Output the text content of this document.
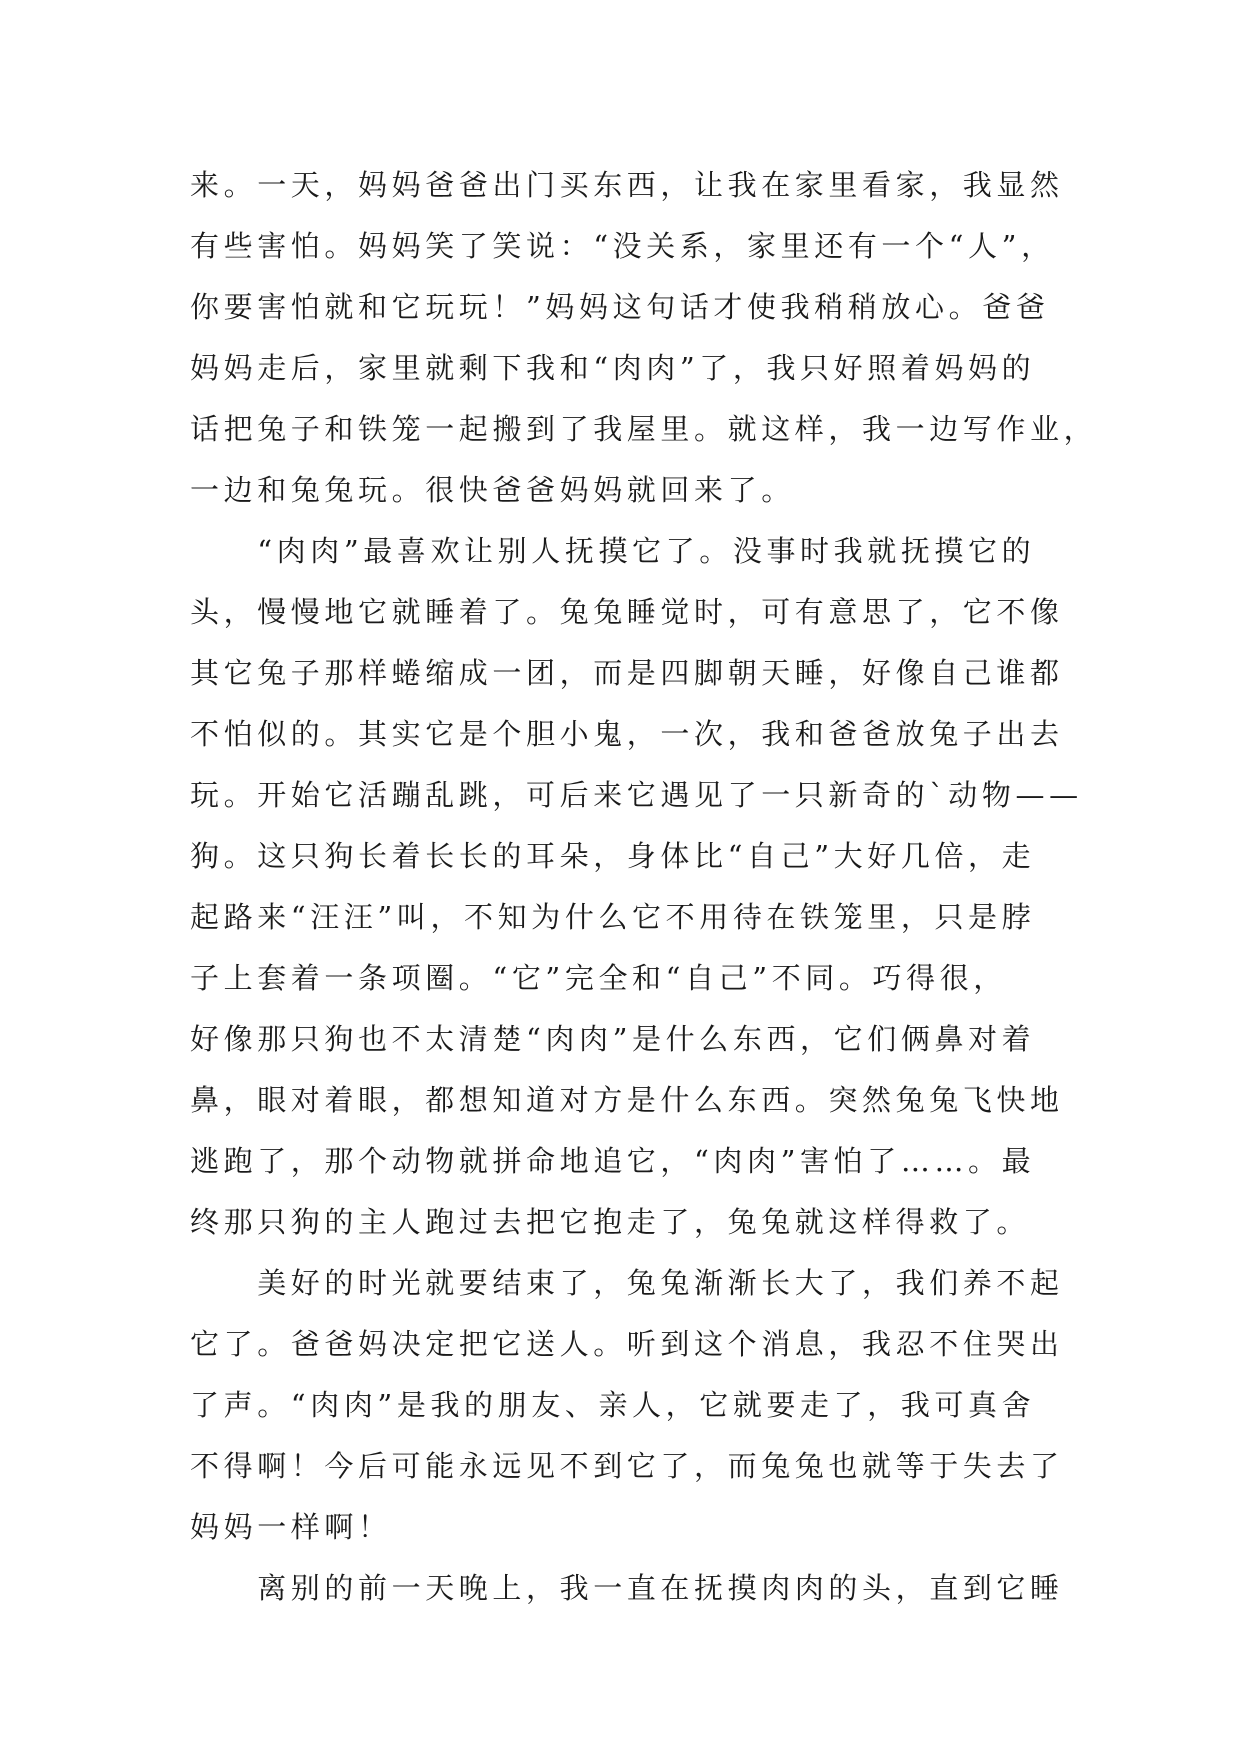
来。一天，妈妈爸爸出门买东西，让我在家里看家，我显然
有些害怕。妈妈笑了笑说：“没关系，家里还有一个“人”，
你要害怕就和它玩玩！”妈妈这句话才使我稍稍放心。爸爸
妈妈走后，家里就剩下我和“肉肉”了，我只好照着妈妈的
话把兔子和铁笼一起搬到了我屋里。就这样，我一边写作业，
一边和兔兔玩。很快爸爸妈妈就回来了。
　　“肉肉”最喜欢让别人抚摸它了。没事时我就抚摸它的
头，慢慢地它就睡着了。兔兔睡觉时，可有意思了，它不像
其它兔子那样蜷缩成一团，而是四脚朝天睡，好像自己谁都
不怕似的。其实它是个胆小鬼，一次，我和爸爸放兔子出去
玩。开始它活蹦乱跳，可后来它遇见了一只新奇的`动物——
狗。这只狗长着长长的耳朵，身体比“自己”大好几倍，走
起路来“汪汪”叫，不知为什么它不用待在铁笼里，只是脖
子上套着一条项圈。“它”完全和“自己”不同。巧得很，
好像那只狗也不太清楚“肉肉”是什么东西，它们俩鼻对着
鼻，眼对着眼，都想知道对方是什么东西。突然兔兔飞快地
逃跑了，那个动物就拼命地追它，“肉肉”害怕了……。最
终那只狗的主人跑过去把它抱走了，兔兔就这样得救了。
　　美好的时光就要结束了，兔兔渐渐长大了，我们养不起
它了。爸爸妈决定把它送人。听到这个消息，我忍不住哭出
了声。“肉肉”是我的朋友、亲人，它就要走了，我可真舍
不得啊！今后可能永远见不到它了，而兔兔也就等于失去了
妈妈一样啊！
　　离别的前一天晚上，我一直在抚摸肉肉的头，直到它睡
